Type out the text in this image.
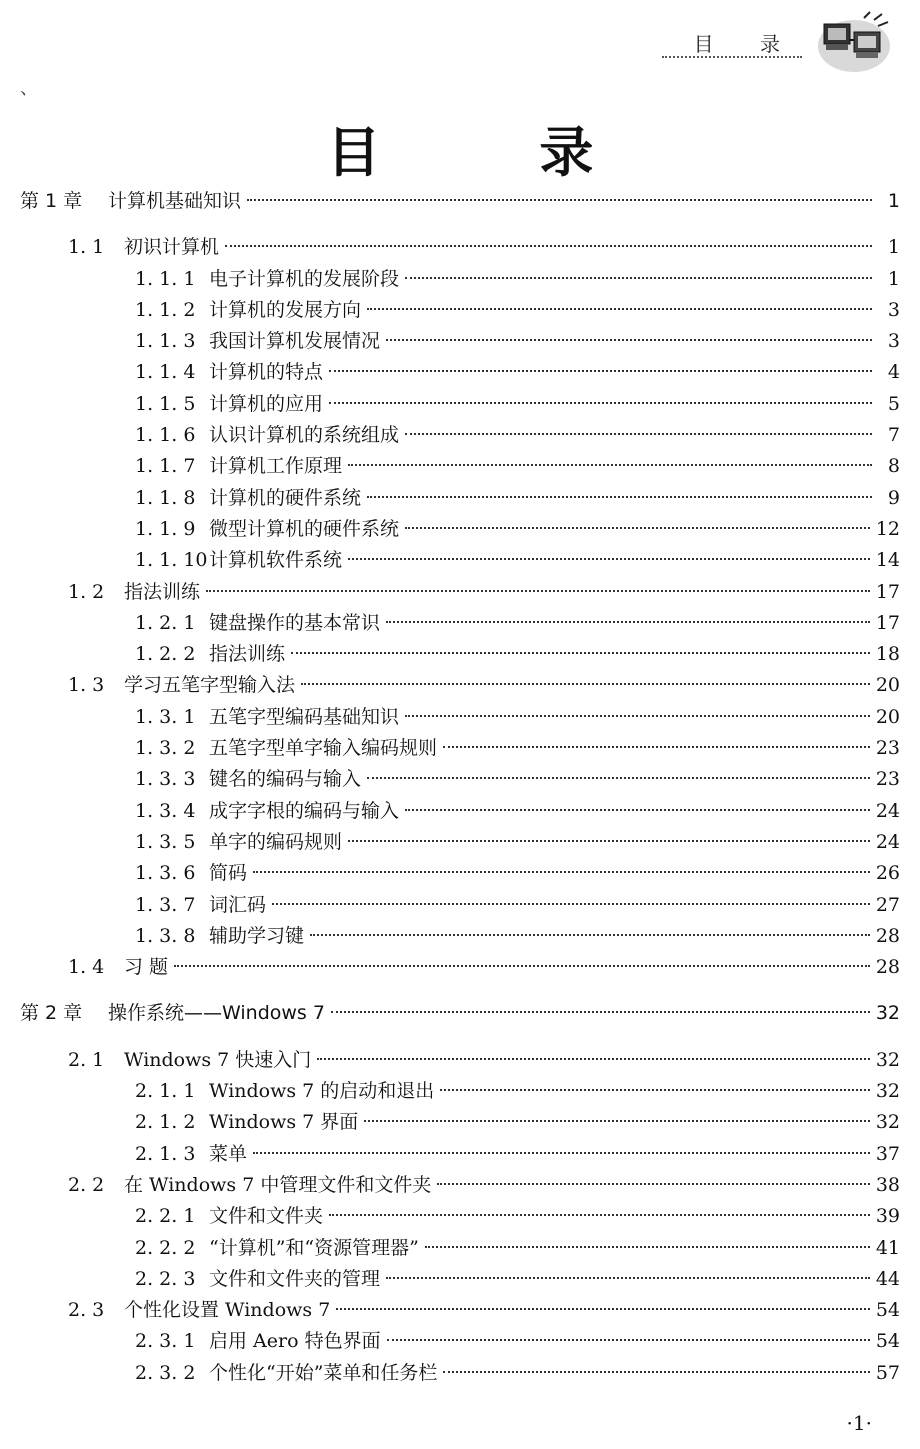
目 录
、
目 录
第 1 章	计算机基础知识	1
1. 1	初识计算机	1
1. 1. 1 电子计算机的发展阶段	1
1. 1. 2 计算机的发展方向	3
1. 1. 3 我国计算机发展情况	3
1. 1. 4 计算机的特点	4
1. 1. 5 计算机的应用	5
1. 1. 6 认识计算机的系统组成	7
1. 1. 7 计算机工作原理	8
1. 1. 8 计算机的硬件系统	9
1. 1. 9 微型计算机的硬件系统	12
1. 1. 10 计算机软件系统	14
1. 2	指法训练	17
1. 2. 1 键盘操作的基本常识	17
1. 2. 2 指法训练	18
1. 3	学习五笔字型输入法	20
1. 3. 1 五笔字型编码基础知识	20
1. 3. 2 五笔字型单字输入编码规则	23
1. 3. 3 键名的编码与输入	23
1. 3. 4 成字字根的编码与输入	24
1. 3. 5 单字的编码规则	24
1. 3. 6 简码	26
1. 3. 7 词汇码	27
1. 3. 8 辅助学习键	28
1. 4	习 题	28
第 2 章	操作系统——Windows 7	32
2. 1	Windows 7 快速入门	32
2. 1. 1 Windows 7 的启动和退出	32
2. 1. 2 Windows 7 界面	32
2. 1. 3 菜单	37
2. 2	在 Windows 7 中管理文件和文件夹	38
2. 2. 1 文件和文件夹	39
2. 2. 2 “计算机”和“资源管理器”	41
2. 2. 3 文件和文件夹的管理	44
2. 3	个性化设置 Windows 7	54
2. 3. 1 启用 Aero 特色界面	54
2. 3. 2 个性化“开始”菜单和任务栏	57
·1·
